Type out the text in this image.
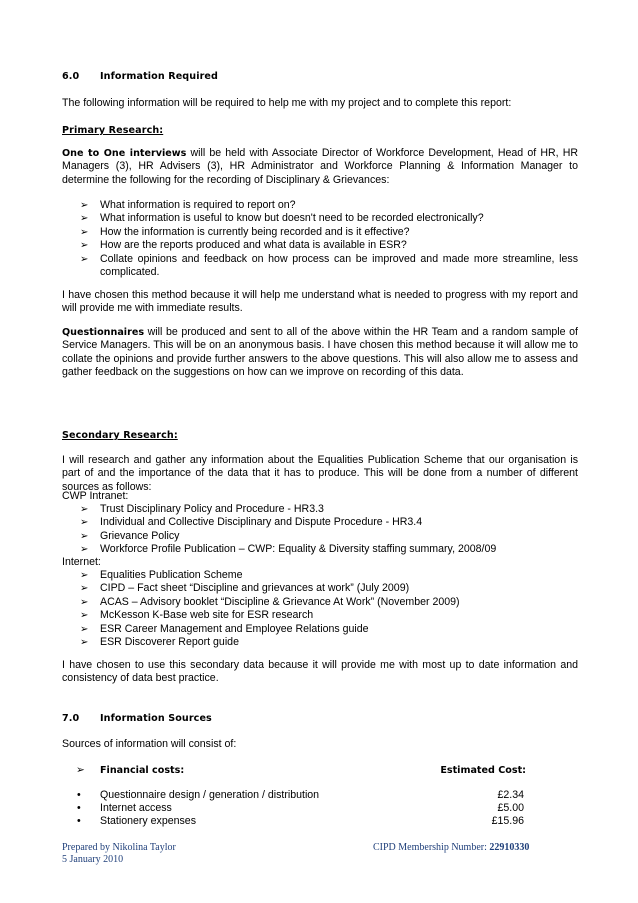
6.0 Information Required
The following information will be required to help me with my project and to complete this report:
Primary Research:
One to One interviews will be held with Associate Director of Workforce Development, Head of HR, HR Managers (3), HR Advisers (3), HR Administrator and Workforce Planning & Information Manager to determine the following for the recording of Disciplinary & Grievances:
➢ What information is required to report on?
➢ What information is useful to know but doesn't need to be recorded electronically?
➢ How the information is currently being recorded and is it effective?
➢ How are the reports produced and what data is available in ESR?
➢ Collate opinions and feedback on how process can be improved and made more streamline, less complicated.
I have chosen this method because it will help me understand what is needed to progress with my report and will provide me with immediate results.
Questionnaires will be produced and sent to all of the above within the HR Team and a random sample of Service Managers. This will be on an anonymous basis. I have chosen this method because it will allow me to collate the opinions and provide further answers to the above questions. This will also allow me to assess and gather feedback on the suggestions on how can we improve on recording of this data.
Secondary Research:
I will research and gather any information about the Equalities Publication Scheme that our organisation is part of and the importance of the data that it has to produce. This will be done from a number of different sources as follows:
CWP Intranet:
➢ Trust Disciplinary Policy and Procedure - HR3.3
➢ Individual and Collective Disciplinary and Dispute Procedure - HR3.4
➢ Grievance Policy
➢ Workforce Profile Publication – CWP: Equality & Diversity staffing summary, 2008/09
Internet:
➢ Equalities Publication Scheme
➢ CIPD – Fact sheet “Discipline and grievances at work” (July 2009)
➢ ACAS – Advisory booklet “Discipline & Grievance At Work” (November 2009)
➢ McKesson K-Base web site for ESR research
➢ ESR Career Management and Employee Relations guide
➢ ESR Discoverer Report guide
I have chosen to use this secondary data because it will provide me with most up to date information and consistency of data best practice.
7.0 Information Sources
Sources of information will consist of:
➢ Financial costs:	Estimated Cost:
• Questionnaire design / generation / distribution	£2.34
• Internet access	£5.00
• Stationery expenses	£15.96
Prepared by Nikolina Taylor
5 January 2010
CIPD Membership Number: 22910330
